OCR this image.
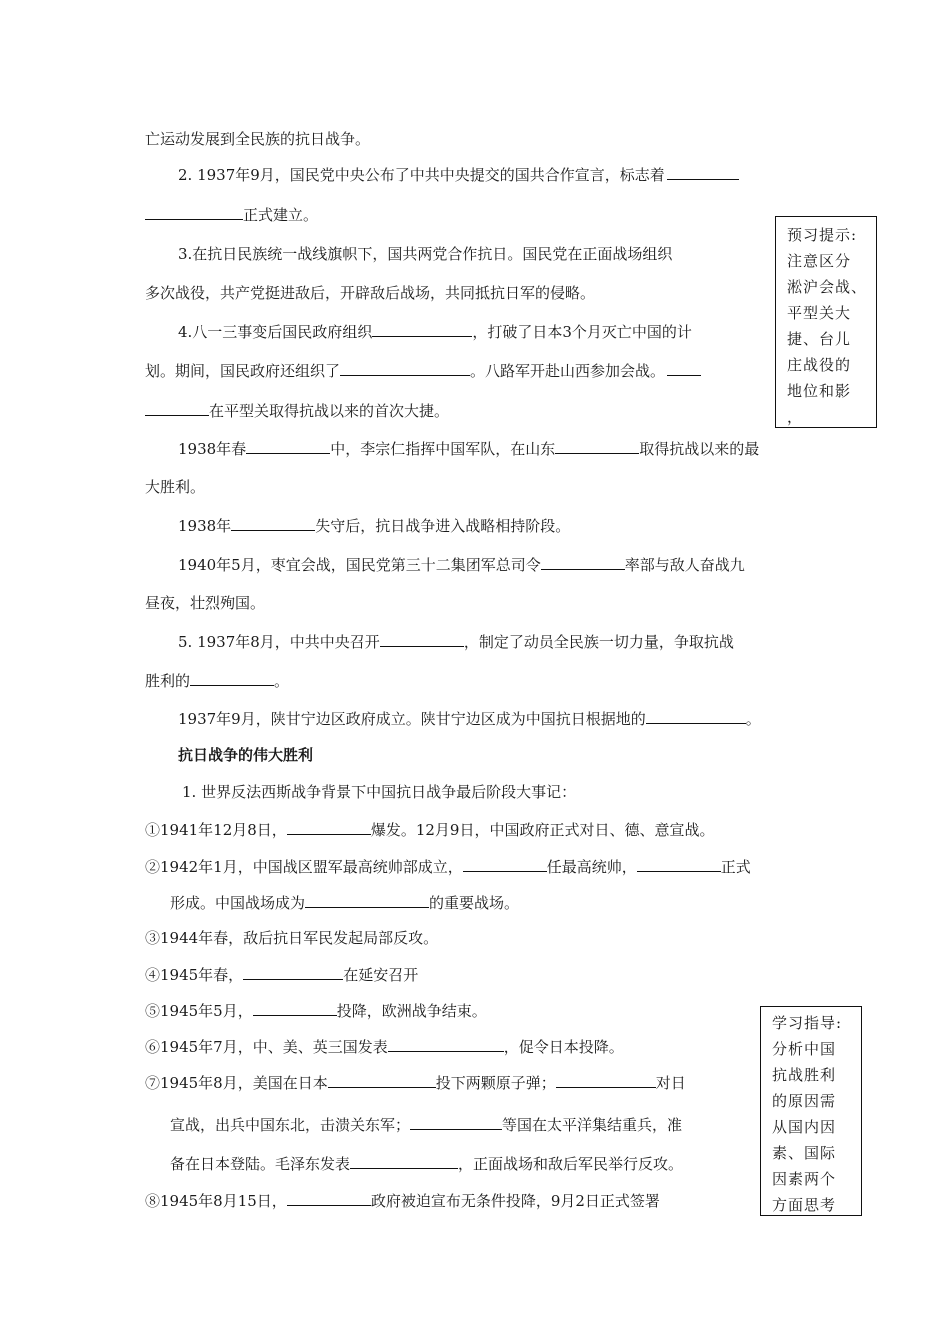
亡运动发展到全民族的抗日战争。
2. 1937年9月，国民党中央公布了中共中央提交的国共合作宣言，标志着
正式建立。
3.在抗日民族统一战线旗帜下，国共两党合作抗日。国民党在正面战场组织
多次战役，共产党挺进敌后，开辟敌后战场，共同抵抗日军的侵略。
4.八一三事变后国民政府组织	，打破了日本3个月灭亡中国的计
划。期间，国民政府还组织了	。八路军开赴山西参加会战。
在平型关取得抗战以来的首次大捷。
1938年春	中，李宗仁指挥中国军队，在山东	取得抗战以来的最
大胜利。
1938年	失守后，抗日战争进入战略相持阶段。
1940年5月，枣宜会战，国民党第三十二集团军总司令	率部与敌人奋战九
昼夜，壮烈殉国。
5. 1937年8月，中共中央召开	，制定了动员全民族一切力量，争取抗战
胜利的	。
1937年9月，陕甘宁边区政府成立。陕甘宁边区成为中国抗日根据地的	。
抗日战争的伟大胜利
1. 世界反法西斯战争背景下中国抗日战争最后阶段大事记：
①1941年12月8日，	爆发。12月9日，中国政府正式对日、德、意宣战。
②1942年1月，中国战区盟军最高统帅部成立，	任最高统帅，	正式
形成。中国战场成为	的重要战场。
③1944年春，敌后抗日军民发起局部反攻。
④1945年春，	在延安召开
⑤1945年5月，	投降，欧洲战争结束。
⑥1945年7月，中、美、英三国发表	，促令日本投降。
⑦1945年8月，美国在日本	投下两颗原子弹；	对日
宣战，出兵中国东北，击溃关东军；	等国在太平洋集结重兵，准
备在日本登陆。毛泽东发表	，正面战场和敌后军民举行反攻。
⑧1945年8月15日，	政府被迫宣布无条件投降，9月2日正式签署
预习提示:
注意区分
淞沪会战、
平型关大
捷、台儿
庄战役的
地位和影
，
学习指导:
分析中国
抗战胜利
的原因需
从国内因
素、国际
因素两个
方面思考
